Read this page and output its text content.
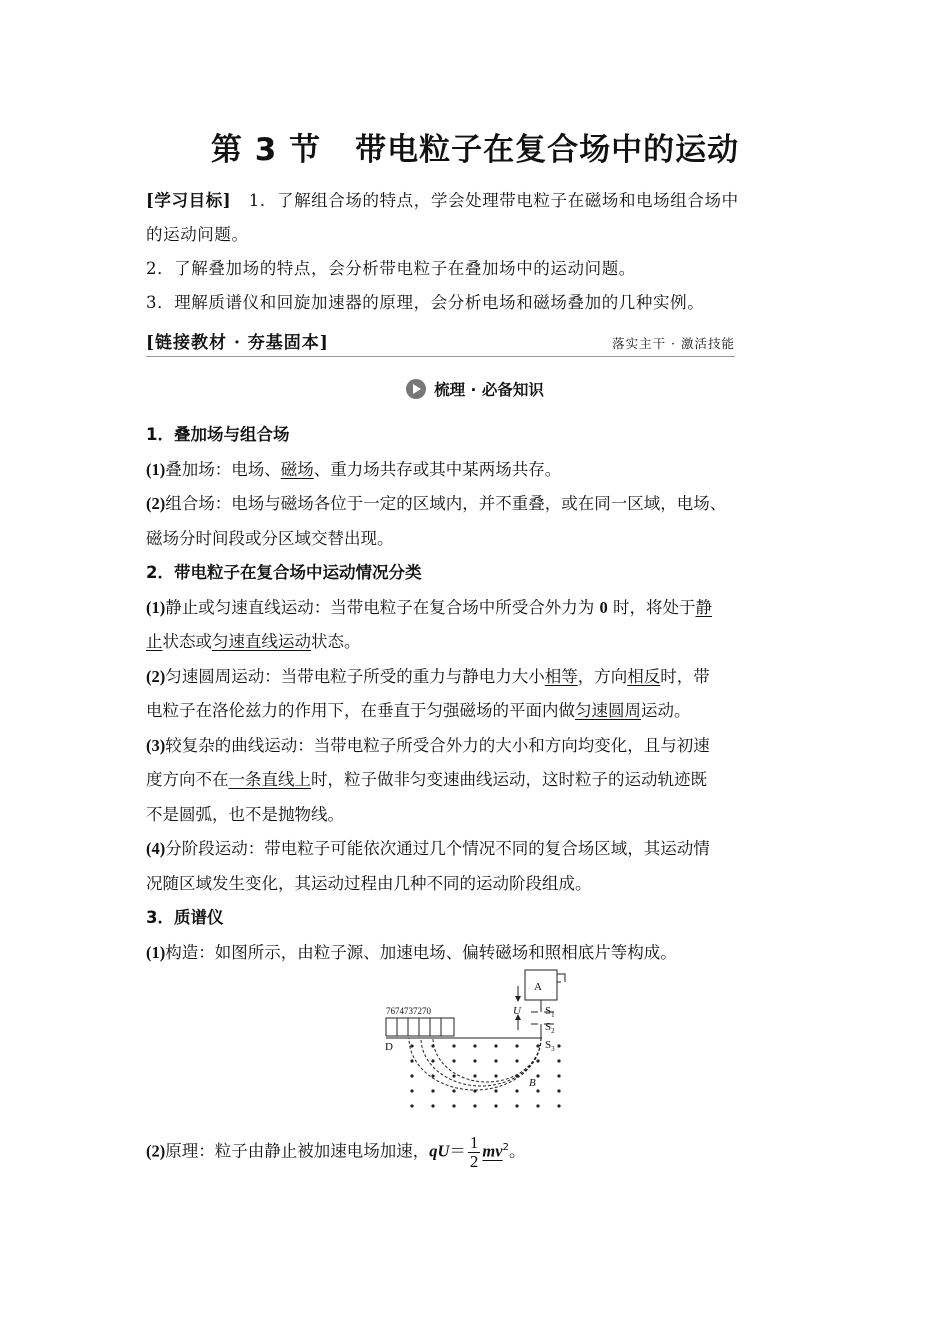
第 3 节 带电粒子在复合场中的运动
[学习目标] 1．了解组合场的特点，学会处理带电粒子在磁场和电场组合场中
的运动问题。
2．了解叠加场的特点，会分析带电粒子在叠加场中的运动问题。
3．理解质谱仪和回旋加速器的原理，会分析电场和磁场叠加的几种实例。
[链接教材 · 夯基固本]	落实主干 · 激活技能
梳理 · 必备知识

1．叠加场与组合场

(1)叠加场：电场、磁场、重力场共存或其中某两场共存。

(2)组合场：电场与磁场各位于一定的区域内，并不重叠，或在同一区域，电场、

磁场分时间段或分区域交替出现。

2．带电粒子在复合场中运动情况分类

(1)静止或匀速直线运动：当带电粒子在复合场中所受合外力为 0 时，将处于静

止状态或匀速直线运动状态。

(2)匀速圆周运动：当带电粒子所受的重力与静电力大小相等，方向相反时，带

电粒子在洛伦兹力的作用下，在垂直于匀强磁场的平面内做匀速圆周运动。

(3)较复杂的曲线运动：当带电粒子所受合外力的大小和方向均变化，且与初速

度方向不在一条直线上时，粒子做非匀变速曲线运动，这时粒子的运动轨迹既

不是圆弧，也不是抛物线。

(4)分阶段运动：带电粒子可能依次通过几个情况不同的复合场区域，其运动情

况随区域发生变化，其运动过程由几种不同的运动阶段组成。

3．质谱仪

(1)构造：如图所示，由粒子源、加速电场、偏转磁场和照相底片等构成。

7674737270
A
U $S_1$
$S_2$
$S_3$
D
B

(2)原理：粒子由静止被加速电场加速，$qU= \frac{1}{2} mv^2$。
